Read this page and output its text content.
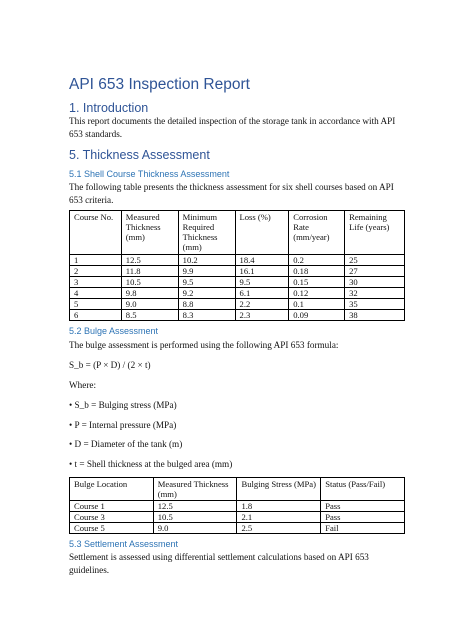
API 653 Inspection Report
1. Introduction

This report documents the detailed inspection of the storage tank in accordance with API 653 standards.

5. Thickness Assessment
5.1 Shell Course Thickness Assessment

The following table presents the thickness assessment for six shell courses based on API 653 criteria.

Course No.	Measured Thickness (mm)	Minimum Required Thickness (mm)	Loss (%)	Corrosion Rate (mm/year)	Remaining Life (years)
1	12.5	10.2	18.4	0.2	25
2	11.8	9.9	16.1	0.18	27
3	10.5	9.5	9.5	0.15	30
4	9.8	9.2	6.1	0.12	32
5	9.0	8.8	2.2	0.1	35
6	8.5	8.3	2.3	0.09	38
5.2 Bulge Assessment

The bulge assessment is performed using the following API 653 formula:

S_b = (P × D) / (2 × t)

Where:

• S_b = Bulging stress (MPa)

• P = Internal pressure (MPa)

• D = Diameter of the tank (m)

• t = Shell thickness at the bulged area (mm)

Bulge Location	Measured Thickness (mm)	Bulging Stress (MPa)	Status (Pass/Fail)
Course 1	12.5	1.8	Pass
Course 3	10.5	2.1	Pass
Course 5	9.0	2.5	Fail
5.3 Settlement Assessment

Settlement is assessed using differential settlement calculations based on API 653 guidelines.
